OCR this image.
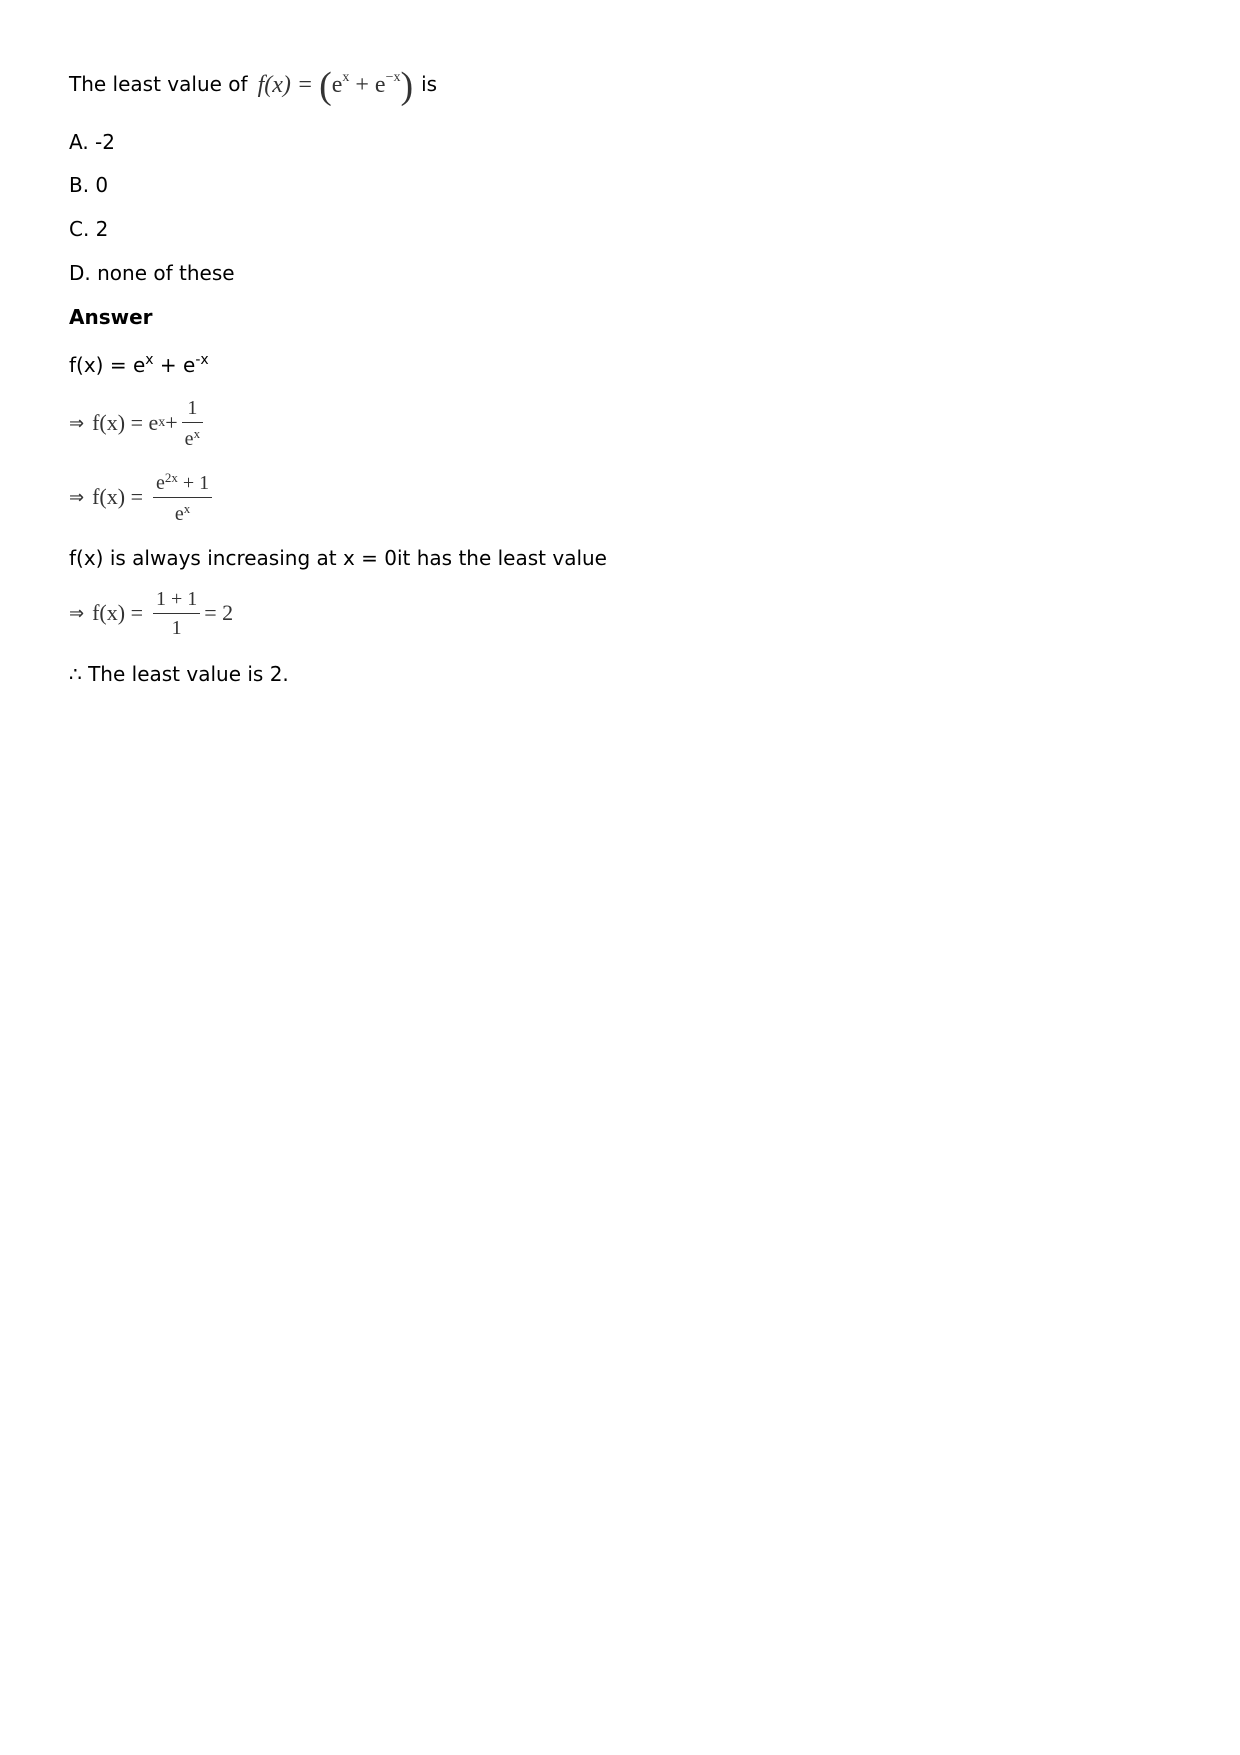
The least value of $f(x) = (e^x + e^{-x})$ is
A. -2
B. 0
C. 2
D. none of these
Answer
$f(x) = e^x + e^{-x}$
⇒ f(x) = e $x + \frac{1}{e^x}$
⇒ $f(x) = \frac{e^{2x} + 1}{e^x}$
f(x) is always increasing at x = 0it has the least value
⇒ $f(x) = \frac{1 + 1}{1} = 2$
∴ The least value is 2.
